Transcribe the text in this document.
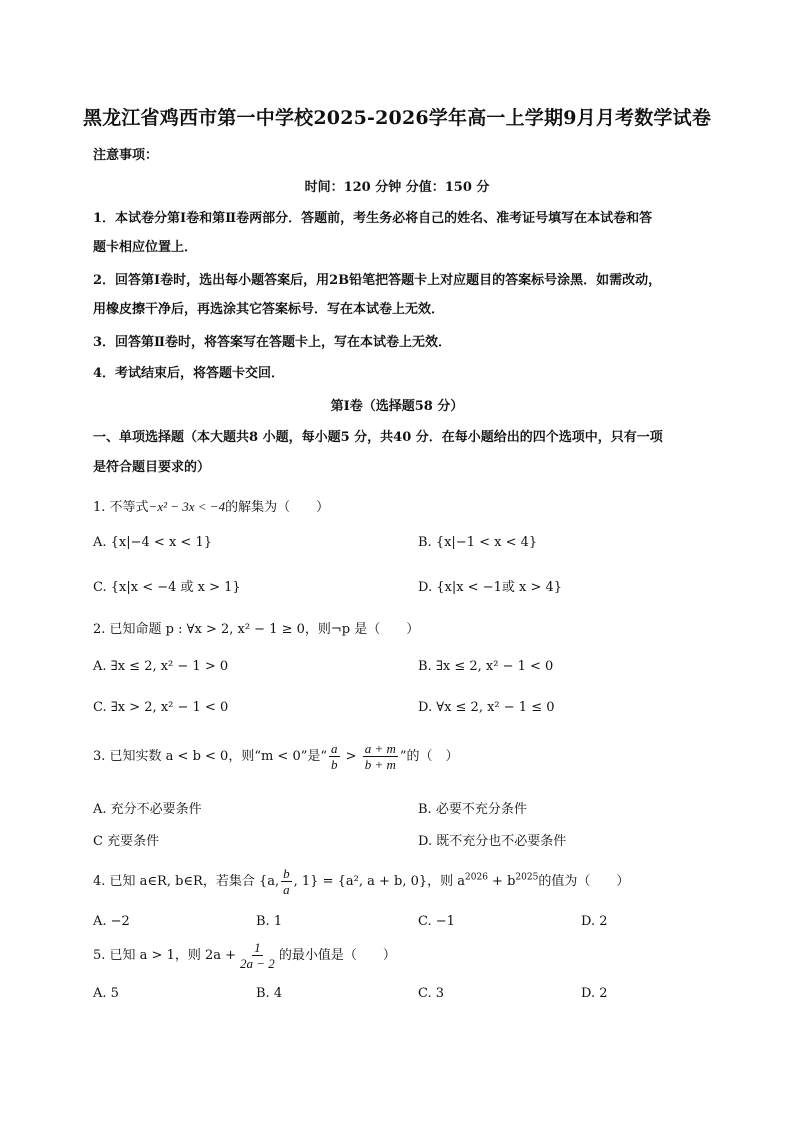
黑龙江省鸡西市第一中学校2025-2026学年高一上学期9月月考数学试卷
注意事项：
时间：120 分钟 分值：150 分
1．本试卷分第Ⅰ卷和第Ⅱ卷两部分．答题前，考生务必将自己的姓名、准考证号填写在本试卷和答
题卡相应位置上．
2．回答第Ⅰ卷时，选出每小题答案后，用2B铅笔把答题卡上对应题目的答案标号涂黑．如需改动，
用橡皮擦干净后，再选涂其它答案标号．写在本试卷上无效．
3．回答第Ⅱ卷时，将答案写在答题卡上，写在本试卷上无效．
4．考试结束后，将答题卡交回．
第Ⅰ卷（选择题58 分）
一、单项选择题（本大题共8 小题，每小题5 分，共40 分．在每小题给出的四个选项中，只有一项
是符合题目要求的）
1. 不等式−x² − 3x < −4的解集为（　　）
A. {x|−4 < x < 1}	B. {x|−1 < x < 4}
C. {x|x < −4 或 x > 1}	D. {x|x < −1或 x > 4}
2. 已知命题 p : ∀x > 2, x² − 1 ≥ 0，则¬p 是（　　）
A. ∃x ≤ 2, x² − 1 > 0	B. ∃x ≤ 2, x² − 1 < 0
C. ∃x > 2, x² − 1 < 0	D. ∀x ≤ 2, x² − 1 ≤ 0
3. 已知实数 a < b < 0，则“m < 0”是“ $\frac{a}{b} > \frac{a + m}{b + m}$ ”的（　）
A. 充分不必要条件	B. 必要不充分条件
C 充要条件	D. 既不充分也不必要条件
4. 已知 a∈R, b∈R，若集合 {a, $\frac{b}{a}$ , 1} = {a², a + b, 0}，则 $a^{2026} + b^{2025}$的值为（　　）
A. −2	B. 1	C. −1	D. 2
5. 已知 a > 1，则 $2a + \frac{1}{2a - 2}$ 的最小值是（　　）
A. 5	B. 4	C. 3	D. 2
